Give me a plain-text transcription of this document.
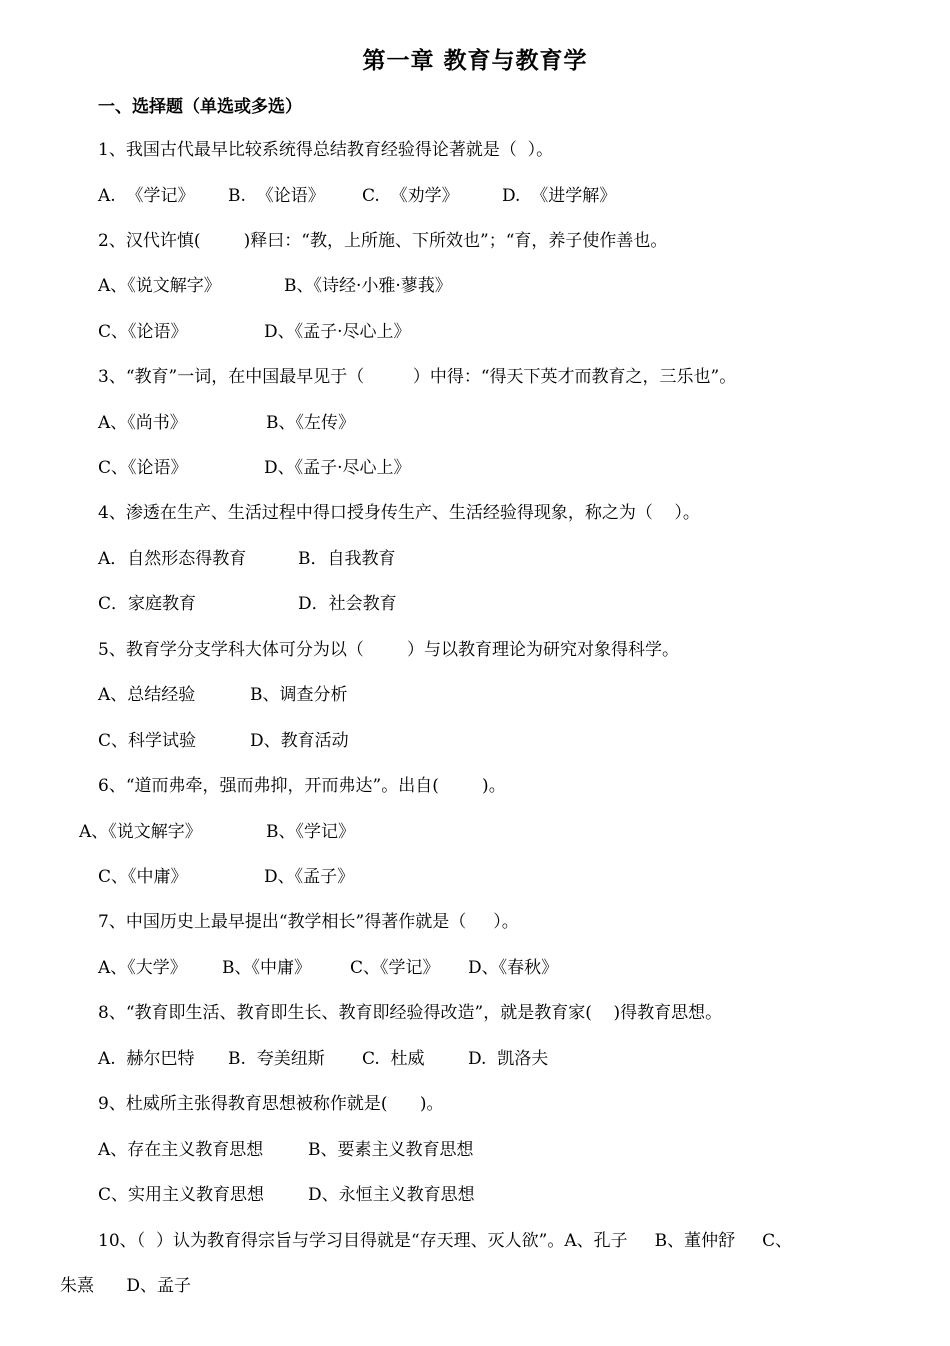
第一章 教育与教育学
一、选择题（单选或多选）
1、我国古代最早比较系统得总结教育经验得论著就是（  ）。
A.  《学记》 B.  《论语》 C.  《劝学》	D.  《进学解》
2、汉代许慎(        )释曰：“教，上所施、下所效也”；“育，养子使作善也。
A、《说文解字》	B、《诗经·小雅·蓼莪》
C、《论语》	D、《孟子·尽心上》
3、“教育”一词，在中国最早见于（         ）中得：“得天下英才而教育之，三乐也”。
A、《尚书》	B、《左传》
C、《论语》	D、《孟子·尽心上》
4、渗透在生产、生活过程中得口授身传生产、生活经验得现象，称之为（    ）。
A．自然形态得教育	B．自我教育
C．家庭教育	D．社会教育
5、教育学分支学科大体可分为以（        ）与以教育理论为研究对象得科学。
A、总结经验	B、调查分析
C、科学试验	D、教育活动
6、“道而弗牵，强而弗抑，开而弗达”。出自(        )。
A、《说文解字》	B、《学记》
C、《中庸》	D、《孟子》
7、中国历史上最早提出“教学相长”得著作就是（     ）。
A、《大学》 B、《中庸》 C、《学记》 D、《春秋》
8、“教育即生活、教育即生长、教育即经验得改造”，就是教育家(    )得教育思想。
A.  赫尔巴特 B.  夸美纽斯 C.  杜威	D.  凯洛夫
9、杜威所主张得教育思想被称作就是(      )。
A、存在主义教育思想	B、要素主义教育思想
C、实用主义教育思想	D、永恒主义教育思想
10、（  ）认为教育得宗旨与学习目得就是“存天理、灭人欲”。A、孔子     B、董仲舒     C、
朱熹      D、孟子
